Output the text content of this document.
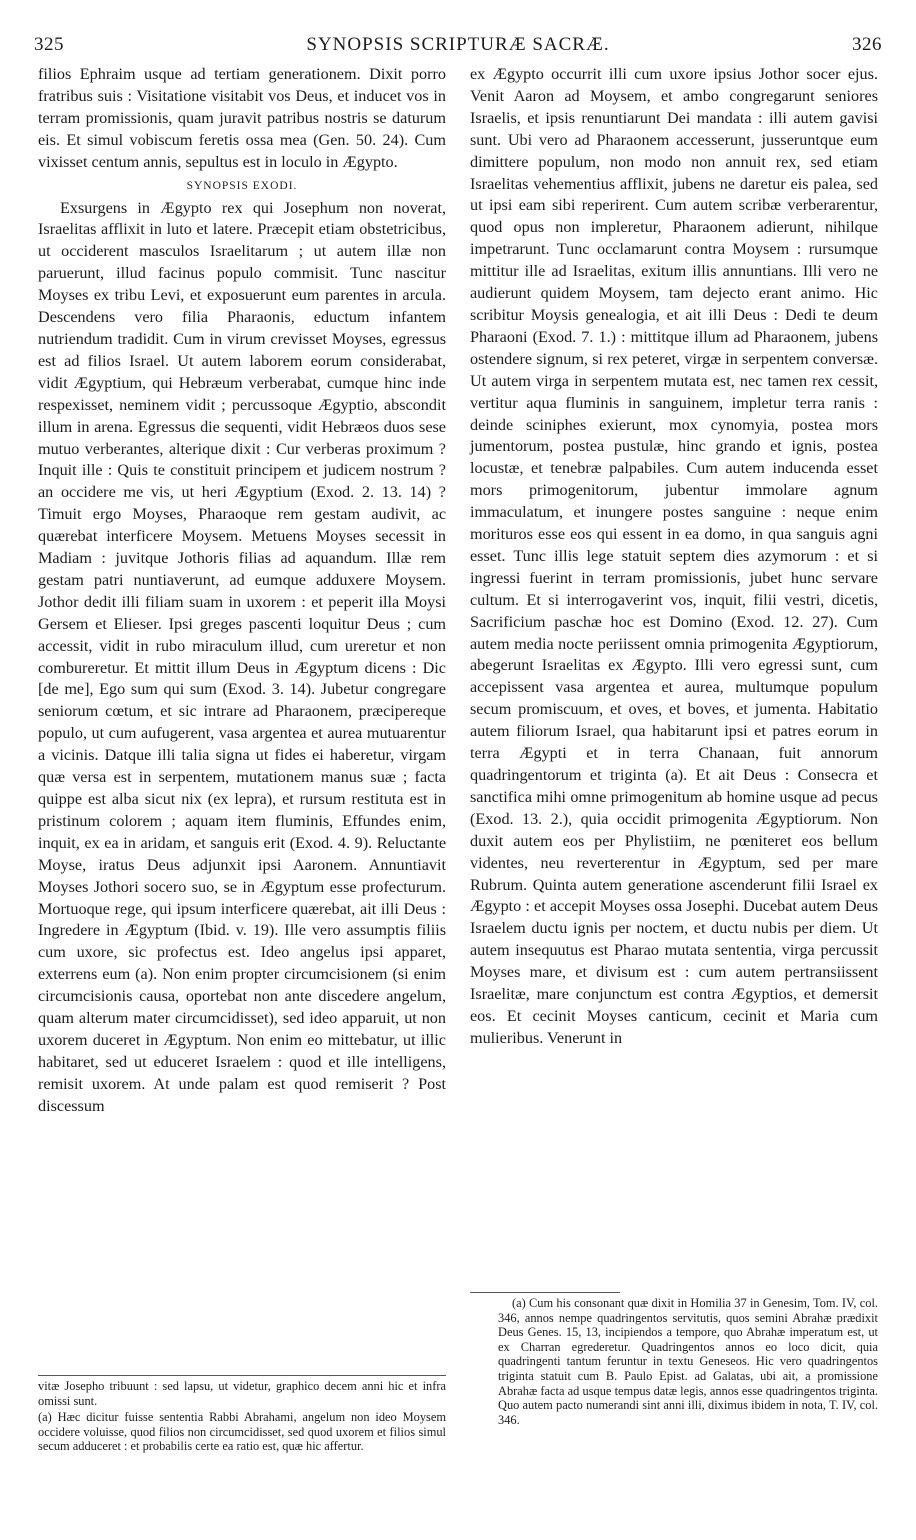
325	SYNOPSIS SCRIPTURÆ SACRÆ.	326

filios Ephraim usque ad tertiam generationem. Dixit porro fratribus suis : Visitatione visitabit vos Deus, et inducet vos in terram promissionis, quam juravit patribus nostris se daturum eis. Et simul vobiscum feretis ossa mea (Gen. 50. 24). Cum vixisset centum annis, sepultus est in loculo in Ægypto.

SYNOPSIS EXODI.

Exsurgens in Ægypto rex qui Josephum non noverat, Israelitas afflixit in luto et latere. Præcepit etiam obstetricibus, ut occiderent masculos Israelitarum ; ut autem illæ non paruerunt, illud facinus populo commisit. Tunc nascitur Moyses ex tribu Levi, et exposuerunt eum parentes in arcula. Descendens vero filia Pharaonis, eductum infantem nutriendum tradidit. Cum in virum crevisset Moyses, egressus est ad filios Israel. Ut autem laborem eorum considerabat, vidit Ægyptium, qui Hebræum verberabat, cumque hinc inde respexisset, neminem vidit ; percussoque Ægyptio, abscondit illum in arena. Egressus die sequenti, vidit Hebræos duos sese mutuo verberantes, alterique dixit : Cur verberas proximum ? Inquit ille : Quis te constituit principem et judicem nostrum ? an occidere me vis, ut heri Ægyptium (Exod. 2. 13. 14) ? Timuit ergo Moyses, Pharaoque rem gestam audivit, ac quærebat interficere Moysem. Metuens Moyses secessit in Madiam : juvitque Jothoris filias ad aquandum. Illæ rem gestam patri nuntiaverunt, ad eumque adduxere Moysem. Jothor dedit illi filiam suam in uxorem : et peperit illa Moysi Gersem et Elieser. Ipsi greges pascenti loquitur Deus ; cum accessit, vidit in rubo miraculum illud, cum ureretur et non combureretur. Et mittit illum Deus in Ægyptum dicens : Dic [de me], Ego sum qui sum (Exod. 3. 14). Jubetur congregare seniorum cœtum, et sic intrare ad Pharaonem, præcipereque populo, ut cum aufugerent, vasa argentea et aurea mutuarentur a vicinis. Datque illi talia signa ut fides ei haberetur, virgam quæ versa est in serpentem, mutationem manus suæ ; facta quippe est alba sicut nix (ex lepra), et rursum restituta est in pristinum colorem ; aquam item fluminis, Effundes enim, inquit, ex ea in aridam, et sanguis erit (Exod. 4. 9). Reluctante Moyse, iratus Deus adjunxit ipsi Aaronem. Annuntiavit Moyses Jothori socero suo, se in Ægyptum esse profecturum. Mortuoque rege, qui ipsum interficere quærebat, ait illi Deus : Ingredere in Ægyptum (Ibid. v. 19). Ille vero assumptis filiis cum uxore, sic profectus est. Ideo angelus ipsi apparet, exterrens eum (a). Non enim propter circumcisionem (si enim circumcisionis causa, oportebat non ante discedere angelum, quam alterum mater circumcidisset), sed ideo apparuit, ut non uxorem duceret in Ægyptum. Non enim eo mittebatur, ut illic habitaret, sed ut educeret Israelem : quod et ille intelligens, remisit uxorem. At unde palam est quod remiserit ? Post discessum

ex Ægypto occurrit illi cum uxore ipsius Jothor socer ejus. Venit Aaron ad Moysem, et ambo congregarunt seniores Israelis, et ipsis renuntiarunt Dei mandata : illi autem gavisi sunt. Ubi vero ad Pharaonem accesserunt, jusseruntque eum dimittere populum, non modo non annuit rex, sed etiam Israelitas vehementius afflixit, jubens ne daretur eis palea, sed ut ipsi eam sibi reperirent. Cum autem scribæ verberarentur, quod opus non impleretur, Pharaonem adierunt, nihilque impetrarunt. Tunc occlamarunt contra Moysem : rursumque mittitur ille ad Israelitas, exitum illis annuntians. Illi vero ne audierunt quidem Moysem, tam dejecto erant animo. Hic scribitur Moysis genealogia, et ait illi Deus : Dedi te deum Pharaoni (Exod. 7. 1.) : mittitque illum ad Pharaonem, jubens ostendere signum, si rex peteret, virgæ in serpentem conversæ. Ut autem virga in serpentem mutata est, nec tamen rex cessit, vertitur aqua fluminis in sanguinem, impletur terra ranis : deinde sciniphes exierunt, mox cynomyia, postea mors jumentorum, postea pustulæ, hinc grando et ignis, postea locustæ, et tenebræ palpabiles. Cum autem inducenda esset mors primogenitorum, jubentur immolare agnum immaculatum, et inungere postes sanguine : neque enim morituros esse eos qui essent in ea domo, in qua sanguis agni esset. Tunc illis lege statuit septem dies azymorum : et si ingressi fuerint in terram promissionis, jubet hunc servare cultum. Et si interrogaverint vos, inquit, filii vestri, dicetis, Sacrificium paschæ hoc est Domino (Exod. 12. 27). Cum autem media nocte periissent omnia primogenita Ægyptiorum, abegerunt Israelitas ex Ægypto. Illi vero egressi sunt, cum accepissent vasa argentea et aurea, multumque populum secum promiscuum, et oves, et boves, et jumenta. Habitatio autem filiorum Israel, qua habitarunt ipsi et patres eorum in terra Ægypti et in terra Chanaan, fuit annorum quadringentorum et triginta (a). Et ait Deus : Consecra et sanctifica mihi omne primogenitum ab homine usque ad pecus (Exod. 13. 2.), quia occidit primogenita Ægyptiorum. Non duxit autem eos per Phylistiim, ne pœniteret eos bellum videntes, neu reverterentur in Ægyptum, sed per mare Rubrum. Quinta autem generatione ascenderunt filii Israel ex Ægypto : et accepit Moyses ossa Josephi. Ducebat autem Deus Israelem ductu ignis per noctem, et ductu nubis per diem. Ut autem insequutus est Pharao mutata sententia, virga percussit Moyses mare, et divisum est : cum autem pertransiissent Israelitæ, mare conjunctum est contra Ægyptios, et demersit eos. Et cecinit Moyses canticum, cecinit et Maria cum mulieribus. Venerunt in

vitæ Josepho tribuunt : sed lapsu, ut videtur, graphico decem anni hic et infra omissi sunt.

(a) Hæc dicitur fuisse sententia Rabbi Abrahami, angelum non ideo Moysem occidere voluisse, quod filios non circumcidisset, sed quod uxorem et filios simul secum adduceret : et probabilis certe ea ratio est, quæ hic affertur.

(a) Cum his consonant quæ dixit in Homilia 37 in Genesim, Tom. IV, col. 346, annos nempe quadringentos servitutis, quos semini Abrahæ prædixit Deus Genes. 15, 13, incipiendos a tempore, quo Abrahæ imperatum est, ut ex Charran egrederetur. Quadringentos annos eo loco dicit, quia quadringenti tantum feruntur in textu Geneseos. Hic vero quadringentos triginta statuit cum B. Paulo Epist. ad Galatas, ubi ait, a promissione Abrahæ facta ad usque tempus datæ legis, annos esse quadringentos triginta. Quo autem pacto numerandi sint anni illi, diximus ibidem in nota, T. IV, col. 346.
